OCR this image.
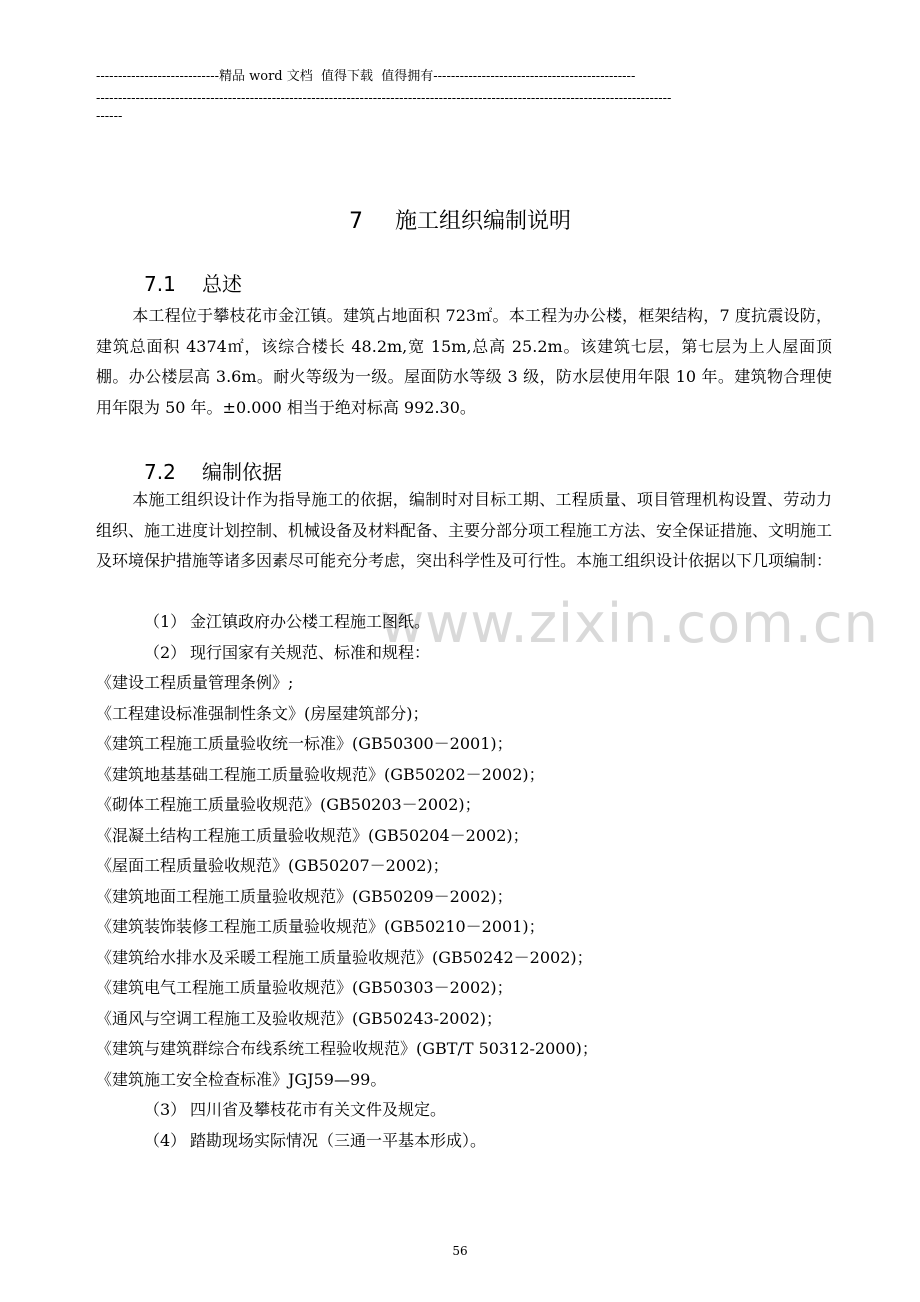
----------------------------精品 word 文档  值得下载  值得拥有----------------------------------------------
-----------------------------------------------------------------------------------------------------------------------------------
------
www.zixin.com.cn
7 施工组织编制说明
7.1 总述
本工程位于攀枝花市金江镇。建筑占地面积 723㎡。本工程为办公楼，框架结构，7 度抗震设防，建筑总面积 4374㎡，该综合楼长 48.2m,宽 15m,总高 25.2m。该建筑七层，第七层为上人屋面顶棚。办公楼层高 3.6m。耐火等级为一级。屋面防水等级 3 级，防水层使用年限 10 年。建筑物合理使用年限为 50 年。±0.000 相当于绝对标高 992.30。
7.2 编制依据
本施工组织设计作为指导施工的依据，编制时对目标工期、工程质量、项目管理机构设置、劳动力组织、施工进度计划控制、机械设备及材料配备、主要分部分项工程施工方法、安全保证措施、文明施工及环境保护措施等诸多因素尽可能充分考虑，突出科学性及可行性。本施工组织设计依据以下几项编制：
（1） 金江镇政府办公楼工程施工图纸。
（2） 现行国家有关规范、标准和规程：
《建设工程质量管理条例》;
《工程建设标准强制性条文》(房屋建筑部分)；
《建筑工程施工质量验收统一标准》(GB50300－2001)；
《建筑地基基础工程施工质量验收规范》(GB50202－2002)；
《砌体工程施工质量验收规范》(GB50203－2002)；
《混凝土结构工程施工质量验收规范》(GB50204－2002)；
《屋面工程质量验收规范》(GB50207－2002)；
《建筑地面工程施工质量验收规范》(GB50209－2002)；
《建筑装饰装修工程施工质量验收规范》(GB50210－2001)；
《建筑给水排水及采暖工程施工质量验收规范》(GB50242－2002)；
《建筑电气工程施工质量验收规范》(GB50303－2002)；
《通风与空调工程施工及验收规范》(GB50243-2002)；
《建筑与建筑群综合布线系统工程验收规范》(GBT/T 50312-2000)；
《建筑施工安全检查标准》JGJ59—99。
（3） 四川省及攀枝花市有关文件及规定。
（4） 踏勘现场实际情况（三通一平基本形成）。
56
